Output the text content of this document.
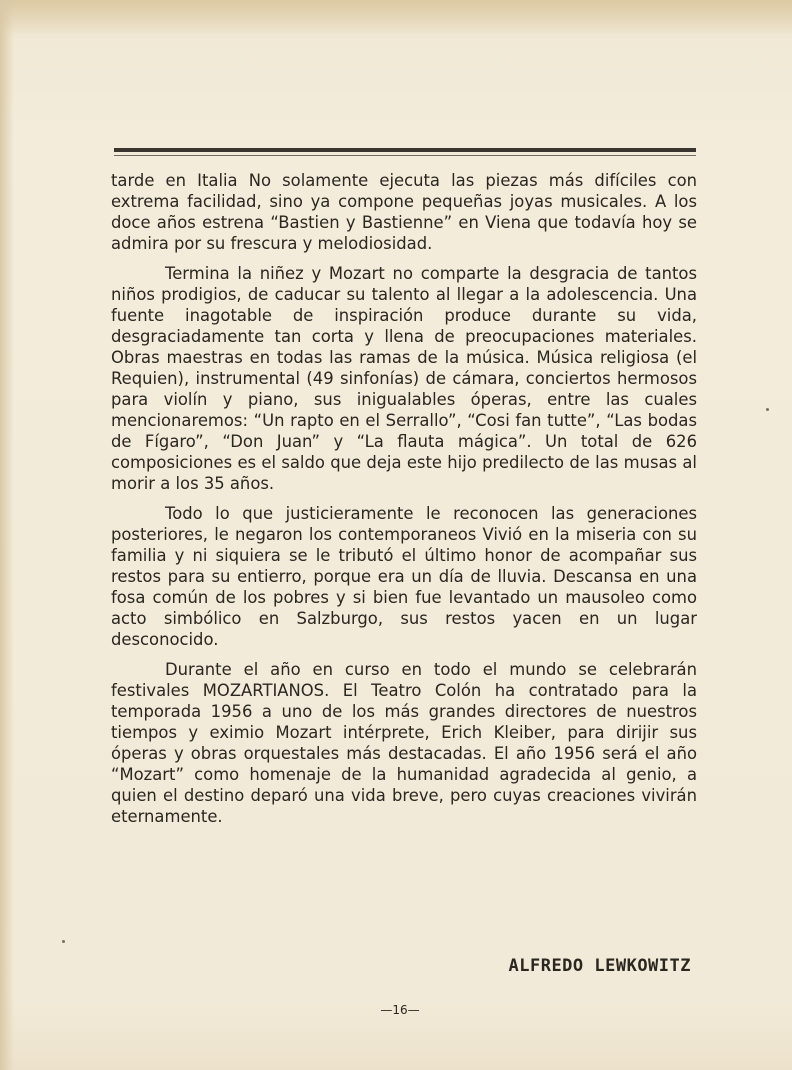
tarde en Italia No solamente ejecuta las piezas más difíciles con extrema facilidad, sino ya compone pequeñas joyas musicales. A los doce años estrena “Bastien y Bastienne” en Viena que todavía hoy se admira por su frescura y melodiosidad.

Termina la niñez y Mozart no comparte la desgracia de tantos niños prodigios, de caducar su talento al llegar a la adolescencia. Una fuente inagotable de inspiración produce durante su vida, desgraciadamente tan corta y llena de preocupaciones materiales. Obras maestras en todas las ramas de la música. Música religiosa (el Requien), instrumental (49 sinfonías) de cámara, conciertos hermosos para violín y piano, sus inigualables óperas, entre las cuales mencionaremos: “Un rapto en el Serrallo”, “Cosi fan tutte”, “Las bodas de Fígaro”, “Don Juan” y “La flauta mágica”. Un total de 626 composiciones es el saldo que deja este hijo predilecto de las musas al morir a los 35 años.

Todo lo que justicieramente le reconocen las generaciones posteriores, le negaron los contemporaneos Vivió en la miseria con su familia y ni siquiera se le tributó el último honor de acompañar sus restos para su entierro, porque era un día de lluvia. Descansa en una fosa común de los pobres y si bien fue levantado un mausoleo como acto simbólico en Salzburgo, sus restos yacen en un lugar desconocido.

Durante el año en curso en todo el mundo se celebrarán festivales MOZARTIANOS. El Teatro Colón ha contratado para la temporada 1956 a uno de los más grandes directores de nuestros tiempos y eximio Mozart intérprete, Erich Kleiber, para dirijir sus óperas y obras orquestales más destacadas. El año 1956 será el año “Mozart” como homenaje de la humanidad agradecida al genio, a quien el destino deparó una vida breve, pero cuyas creaciones vivirán eternamente.

ALFREDO LEWKOWITZ
—16—
